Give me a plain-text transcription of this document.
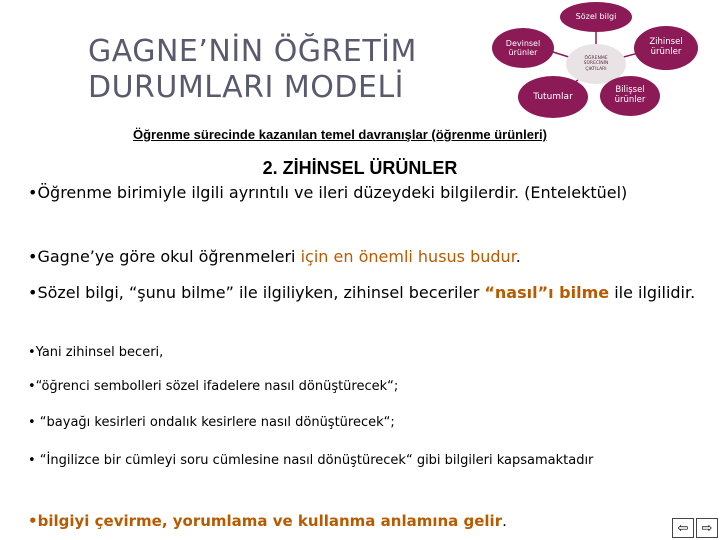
GAGNE’NİN ÖĞRETİM
DURUMLARI MODELİ
Sözel bilgi
Devinsel
ürünler
ÖĞRENME
SÜRECİNİN
ÇIKTILARI
Zihinsel
ürünler
Tutumlar
Bilişsel
ürünler
Öğrenme sürecinde kazanılan temel davranışlar (öğrenme ürünleri)
2. ZİHİNSEL ÜRÜNLER
•Öğrenme birimiyle ilgili ayrıntılı ve ileri düzeydeki bilgilerdir. (Entelektüel)
•Gagne’ye göre okul öğrenmeleri için en önemli husus budur.
•Sözel bilgi, “şunu bilme” ile ilgiliyken, zihinsel beceriler “nasıl”ı bilme ile ilgilidir.
•Yani zihinsel beceri,
•“öğrenci sembolleri sözel ifadelere nasıl dönüştürecek“;
• “bayağı kesirleri ondalık kesirlere nasıl dönüştürecek“;
• “İngilizce bir cümleyi soru cümlesine nasıl dönüştürecek“ gibi bilgileri kapsamaktadır
•bilgiyi çevirme, yorumlama ve kullanma anlamına gelir.	⇦ ⇨
